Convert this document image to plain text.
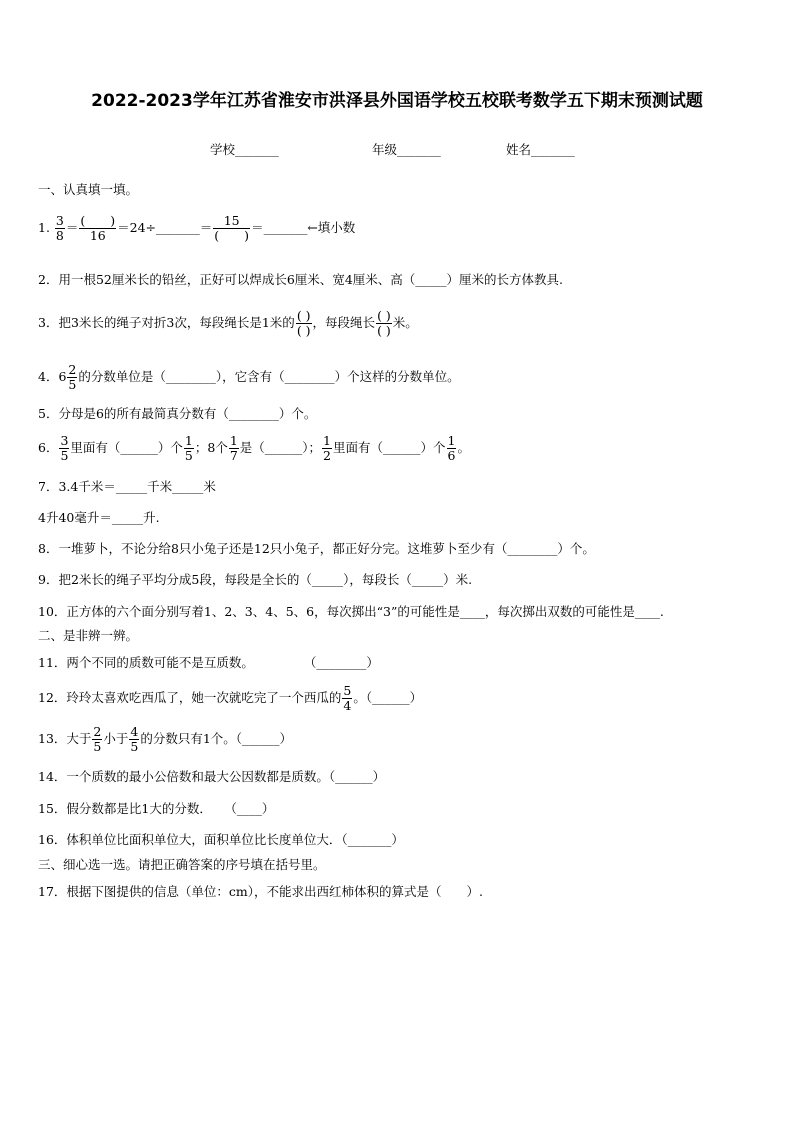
2022-2023学年江苏省淮安市洪泽县外国语学校五校联考数学五下期末预测试题
学校_______	年级_______	姓名_______
一、认真填一填。
1. $\frac{3}{8} = \frac{( )}{16}$ ＝24÷_______＝ $\frac{15}{( )}$ ＝_______←填小数
2．用一根52厘米长的铅丝，正好可以焊成长6厘米、宽4厘米、高（_____）厘米的长方体教具.
3．把3米长的绳子对折3次，每段绳长是1米的 $\frac{( )}{( )}$ ，每段绳长 $\frac{( )}{( )}$ 米。
4．$6 \frac{2}{5}$ 的分数单位是（________），它含有（________）个这样的分数单位。
5．分母是6的所有最简真分数有（________）个。
6． $\frac{3}{5}$ 里面有（______）个 $\frac{1}{5}$ ；8个 $\frac{1}{7}$ 是（______）； $\frac{1}{2}$ 里面有（______）个 $\frac{1}{6}$ 。
7．3.4千米＝_____千米_____米
4升40毫升＝_____升.
8．一堆萝卜，不论分给8只小兔子还是12只小兔子，都正好分完。这堆萝卜至少有（________）个。
9．把2米长的绳子平均分成5段，每段是全长的（_____），每段长（_____）米.
10．正方体的六个面分别写着1、2、3、4、5、6，每次掷出“3”的可能性是____，每次掷出双数的可能性是____.
二、是非辨一辨。
11．两个不同的质数可能不是互质数。　　　　　（________）
12．玲玲太喜欢吃西瓜了，她一次就吃完了一个西瓜的 $\frac{5}{4}$ 。（______）
13．大于 $\frac{2}{5}$ 小于 $\frac{4}{5}$ 的分数只有1个。（______）
14．一个质数的最小公倍数和最大公因数都是质数。（______）
15．假分数都是比1大的分数．　　（____）
16．体积单位比面积单位大，面积单位比长度单位大．（_______）
三、细心选一选。请把正确答案的序号填在括号里。
17．根据下图提供的信息（单位：cm），不能求出西红柿体积的算式是（　　）.
